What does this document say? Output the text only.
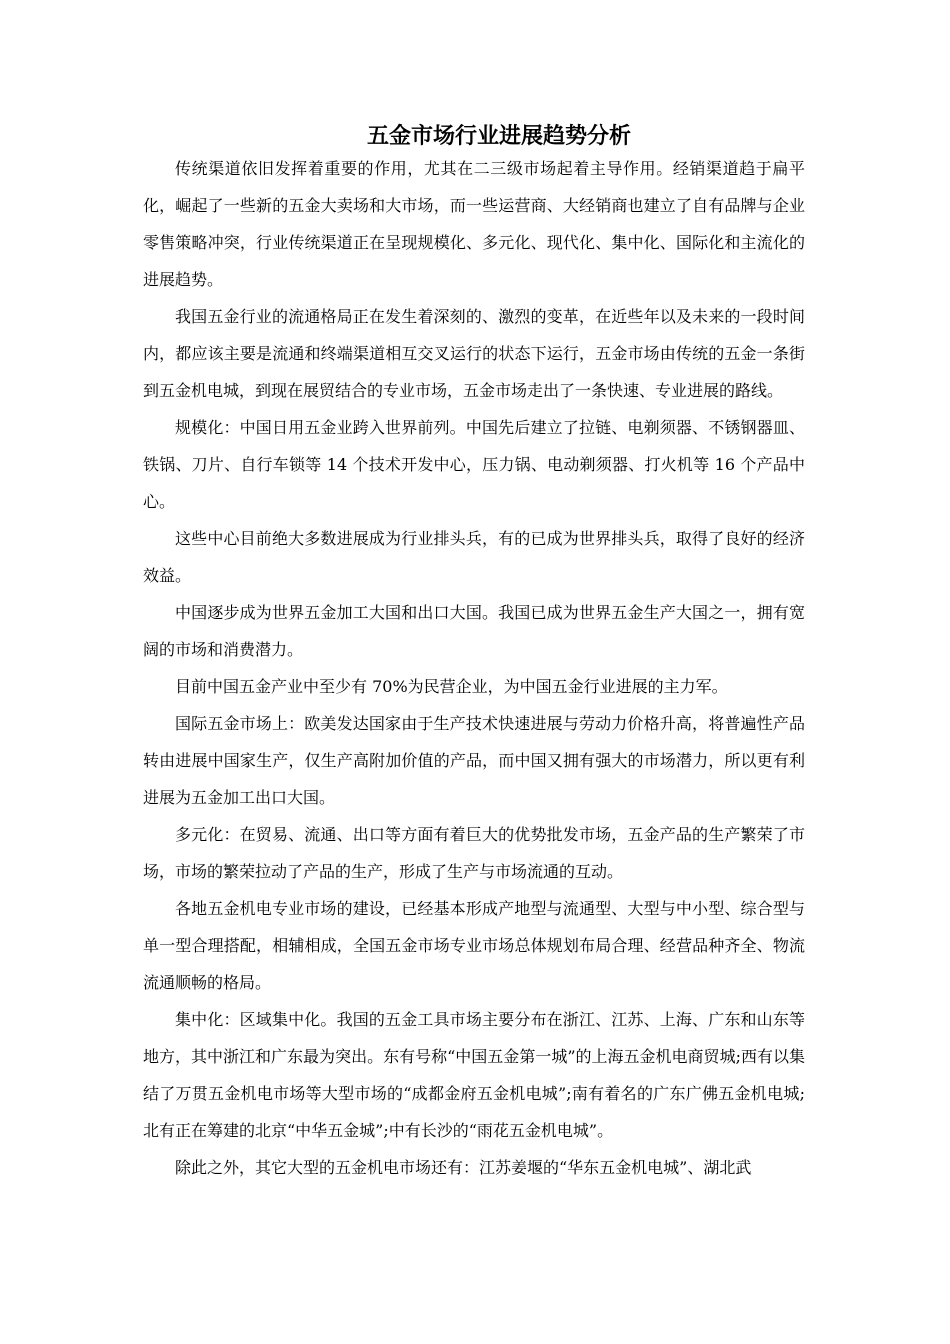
五金市场行业进展趋势分析

传统渠道依旧发挥着重要的作用，尤其在二三级市场起着主导作用。经销渠道趋于扁平化，崛起了一些新的五金大卖场和大市场，而一些运营商、大经销商也建立了自有品牌与企业零售策略冲突，行业传统渠道正在呈现规模化、多元化、现代化、集中化、国际化和主流化的进展趋势。

我国五金行业的流通格局正在发生着深刻的、激烈的变革，在近些年以及未来的一段时间内，都应该主要是流通和终端渠道相互交叉运行的状态下运行，五金市场由传统的五金一条街到五金机电城，到现在展贸结合的专业市场，五金市场走出了一条快速、专业进展的路线。

规模化：中国日用五金业跨入世界前列。中国先后建立了拉链、电剃须器、不锈钢器皿、铁锅、刀片、自行车锁等 14 个技术开发中心，压力锅、电动剃须器、打火机等 16 个产品中心。

这些中心目前绝大多数进展成为行业排头兵，有的已成为世界排头兵，取得了良好的经济效益。

中国逐步成为世界五金加工大国和出口大国。我国已成为世界五金生产大国之一，拥有宽阔的市场和消费潜力。

目前中国五金产业中至少有 70%为民营企业，为中国五金行业进展的主力军。

国际五金市场上：欧美发达国家由于生产技术快速进展与劳动力价格升高，将普遍性产品转由进展中国家生产，仅生产高附加价值的产品，而中国又拥有强大的市场潜力，所以更有利进展为五金加工出口大国。

多元化：在贸易、流通、出口等方面有着巨大的优势批发市场，五金产品的生产繁荣了市场，市场的繁荣拉动了产品的生产，形成了生产与市场流通的互动。

各地五金机电专业市场的建设，已经基本形成产地型与流通型、大型与中小型、综合型与单一型合理搭配，相辅相成，全国五金市场专业市场总体规划布局合理、经营品种齐全、物流流通顺畅的格局。

集中化：区域集中化。我国的五金工具市场主要分布在浙江、江苏、上海、广东和山东等地方，其中浙江和广东最为突出。东有号称“中国五金第一城”的上海五金机电商贸城;西有以集结了万贯五金机电市场等大型市场的“成都金府五金机电城”;南有着名的广东广佛五金机电城;北有正在筹建的北京“中华五金城”;中有长沙的“雨花五金机电城”。

除此之外，其它大型的五金机电市场还有：江苏姜堰的“华东五金机电城”、湖北武
